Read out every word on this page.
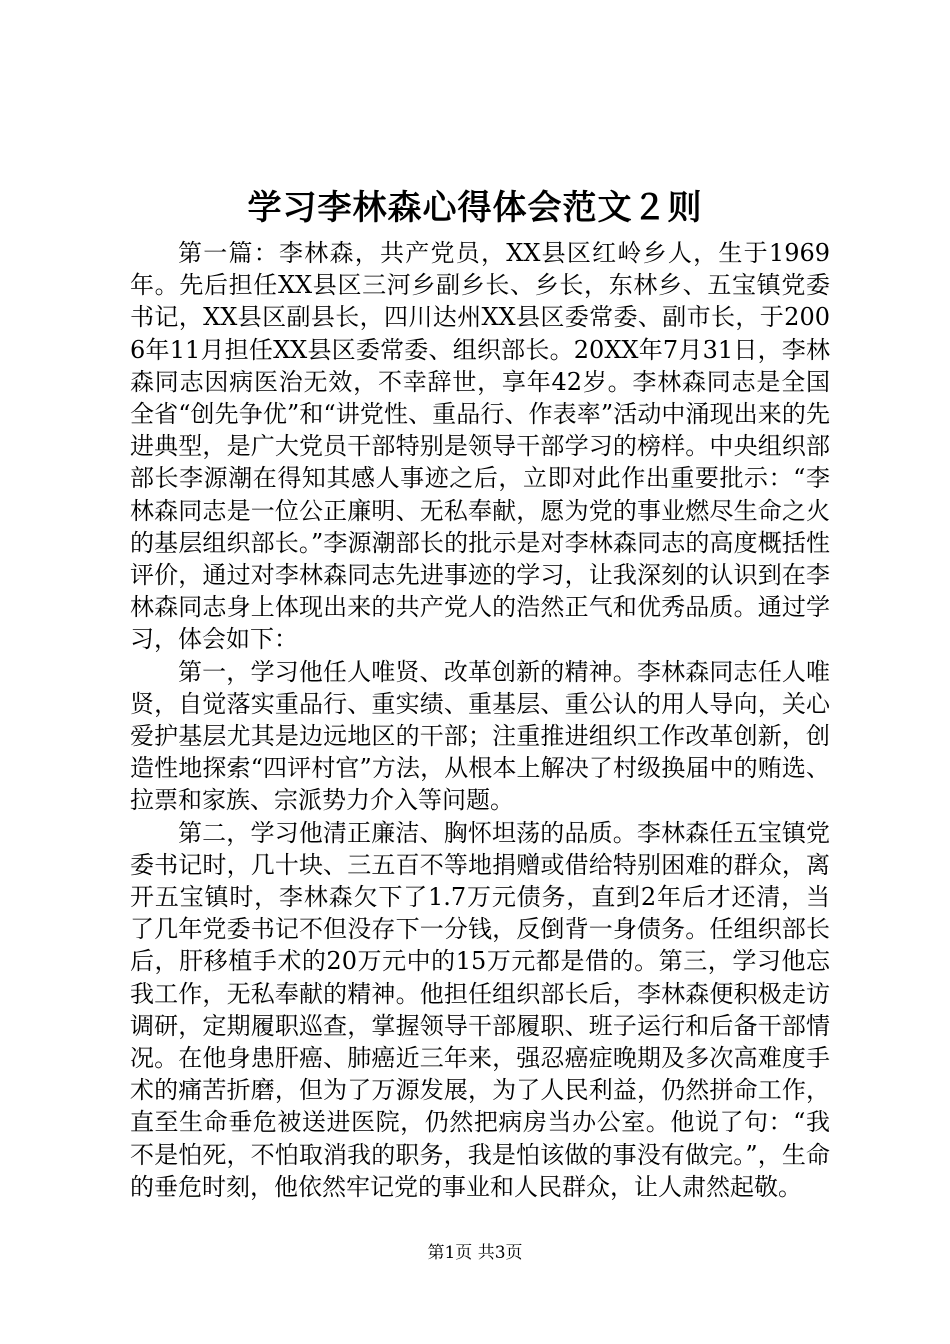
学习李林森心得体会范文２则

第一篇：李林森，共产党员，XX县区红岭乡人，生于1969年。先后担任XX县区三河乡副乡长、乡长，东林乡、五宝镇党委书记，XX县区副县长，四川达州XX县区委常委、副市长，于2006年11月担任XX县区委常委、组织部长。20XX年7月31日，李林森同志因病医治无效，不幸辞世，享年42岁。李林森同志是全国全省“创先争优”和“讲党性、重品行、作表率”活动中涌现出来的先进典型，是广大党员干部特别是领导干部学习的榜样。中央组织部部长李源潮在得知其感人事迹之后，立即对此作出重要批示：“李林森同志是一位公正廉明、无私奉献，愿为党的事业燃尽生命之火的基层组织部长。”李源潮部长的批示是对李林森同志的高度概括性评价，通过对李林森同志先进事迹的学习，让我深刻的认识到在李林森同志身上体现出来的共产党人的浩然正气和优秀品质。通过学习，体会如下：

第一，学习他任人唯贤、改革创新的精神。李林森同志任人唯贤，自觉落实重品行、重实绩、重基层、重公认的用人导向，关心爱护基层尤其是边远地区的干部；注重推进组织工作改革创新，创造性地探索“四评村官”方法，从根本上解决了村级换届中的贿选、拉票和家族、宗派势力介入等问题。

第二，学习他清正廉洁、胸怀坦荡的品质。李林森任五宝镇党委书记时，几十块、三五百不等地捐赠或借给特别困难的群众，离开五宝镇时，李林森欠下了1.7万元债务，直到2年后才还清，当了几年党委书记不但没存下一分钱，反倒背一身债务。任组织部长后，肝移植手术的20万元中的15万元都是借的。第三，学习他忘我工作，无私奉献的精神。他担任组织部长后，李林森便积极走访调研，定期履职巡查，掌握领导干部履职、班子运行和后备干部情况。在他身患肝癌、肺癌近三年来，强忍癌症晚期及多次高难度手术的痛苦折磨，但为了万源发展，为了人民利益，仍然拼命工作，直至生命垂危被送进医院，仍然把病房当办公室。他说了句：“我不是怕死，不怕取消我的职务，我是怕该做的事没有做完。”，生命的垂危时刻，他依然牢记党的事业和人民群众，让人肃然起敬。

第1页 共3页
